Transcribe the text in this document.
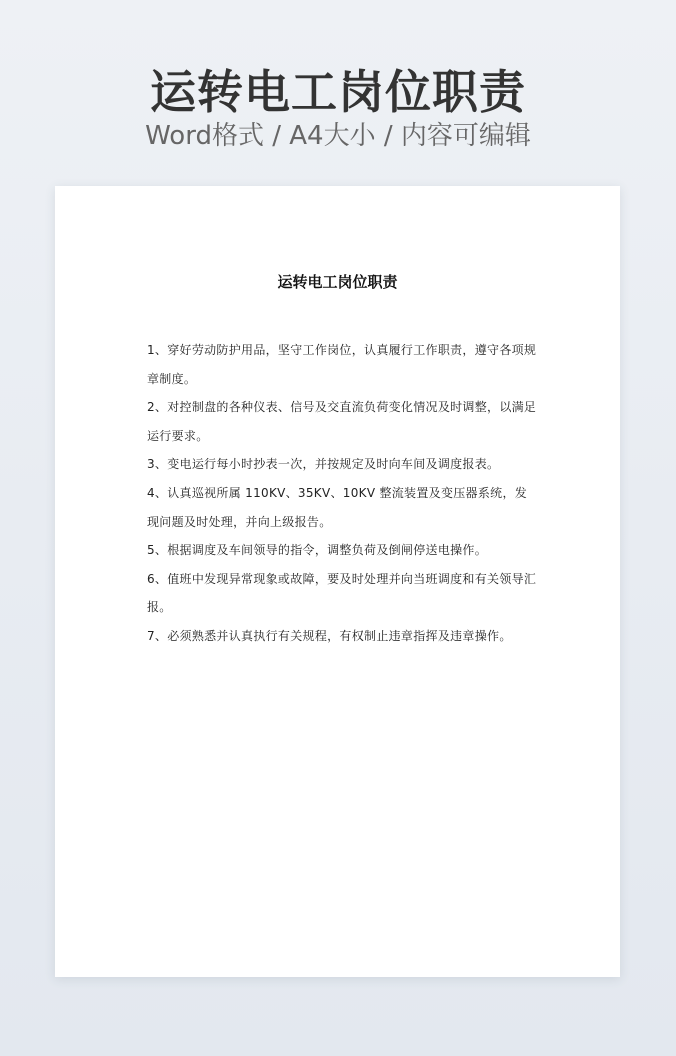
运转电工岗位职责
Word格式 / A4大小 / 内容可编辑
运转电工岗位职责
1、穿好劳动防护用品，坚守工作岗位，认真履行工作职责，遵守各项规章制度。
2、对控制盘的各种仪表、信号及交直流负荷变化情况及时调整，以满足运行要求。
3、变电运行每小时抄表一次，并按规定及时向车间及调度报表。
4、认真巡视所属 110KV、35KV、10KV 整流装置及变压器系统，发现问题及时处理，并向上级报告。
5、根据调度及车间领导的指令，调整负荷及倒闸停送电操作。
6、值班中发现异常现象或故障，要及时处理并向当班调度和有关领导汇报。
7、必须熟悉并认真执行有关规程，有权制止违章指挥及违章操作。
